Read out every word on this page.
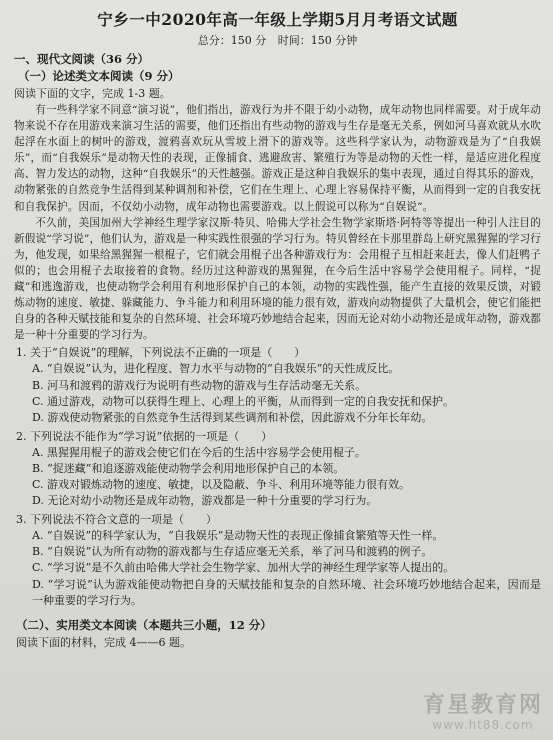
宁乡一中2020年高一年级上学期5月月考语文试题
总分：150 分 时间：150 分钟
一、现代文阅读（36 分）
（一）论述类文本阅读（9 分）
阅读下面的文字，完成 1-3 题。

有一些科学家不同意“演习说”，他们指出，游戏行为并不限于幼小动物，成年动物也同样需要。对于成年动物来说不存在用游戏来演习生活的需要，他们还指出有些动物的游戏与生存是毫无关系，例如河马喜欢就从水吹起浮在水面上的树叶的游戏，渡鸦喜欢玩从雪坡上滑下的游戏等。这些科学家认为，动物游戏是为了“自我娱乐”，而“自我娱乐”是动物天性的表现，正像捕食、逃避敌害、繁殖行为等是动物的天性一样，是适应进化程度高、智力发达的动物，这种“自我娱乐”的天性越强。游戏正是这种自我娱乐的集中表现，通过自得其乐的游戏，动物紧张的自然竞争生活得到某种调剂和补偿，它们在生理上、心理上容易保持平衡，从而得到一定的自我安抚和自我保护。因而，不仅幼小动物，成年动物也需要游戏。以上假说可以称为“自娱说”。

不久前，美国加州大学神经生理学家汉斯·特贝、哈佛大学社会生物学家斯塔·阿特等等提出一种引人注目的新假说“学习说”，他们认为，游戏是一种实践性很强的学习行为。特贝曾经在卡那里群岛上研究黑猩猩的学习行为，他发现，如果给黑猩猩一根棍子，它们就会用棍子出各种游戏行为：会用棍子互相赶来赶去，像人们赶鸭子似的；也会用棍子去取接着的食物。经历过这种游戏的黑猩猩，在今后生活中容易学会使用棍子。同样，“捉藏”和逃逸游戏，也使动物学会利用有利地形保护自己的本领，动物的实践性强，能产生直接的效果反馈，对锻炼动物的速度、敏捷、躲藏能力、争斗能力和利用环境的能力很有效，游戏向动物提供了大量机会，使它们能把自身的各种天赋技能和复杂的自然环境、社会环境巧妙地结合起来，因而无论对幼小动物还是成年动物，游戏都是一种十分重要的学习行为。

1. 关于“自娱说”的理解，下列说法不正确的一项是（　　）
A. “自娱说”认为，进化程度、智力水平与动物的“自我娱乐”的天性成反比。
B. 河马和渡鸦的游戏行为说明有些动物的游戏与生存活动毫无关系。
C. 通过游戏，动物可以获得生理上、心理上的平衡，从而得到一定的自我安抚和保护。
D. 游戏使动物紧张的自然竞争生活得到某些调剂和补偿，因此游戏不分年长年幼。
2. 下列说法不能作为“学习说”依据的一项是（　　）
A. 黑猩猩用棍子的游戏会使它们在今后的生活中容易学会使用棍子。
B. “捉迷藏”和追逐游戏能使动物学会利用地形保护自己的本领。
C. 游戏对锻炼动物的速度、敏捷，以及隐蔽、争斗、利用环境等能力很有效。
D. 无论对幼小动物还是成年动物，游戏都是一种十分重要的学习行为。
3. 下列说法不符合文意的一项是（　　）
A. “自娱说”的科学家认为，“自我娱乐”是动物天性的表现正像捕食繁殖等天性一样。
B. “自娱说”认为所有动物的游戏都与生存适应毫无关系，举了河马和渡鸦的例子。
C. “学习说”是不久前由哈佛大学社会生物学家、加州大学的神经生理学家等人提出的。
D. “学习说”认为游戏能使动物把自身的天赋技能和复杂的自然环境、社会环境巧妙地结合起来，因而是一种重要的学习行为。
（二）、实用类文本阅读（本题共三小题，12 分）
阅读下面的材料，完成 4——6 题。
育星教育网
www.ht88.com
